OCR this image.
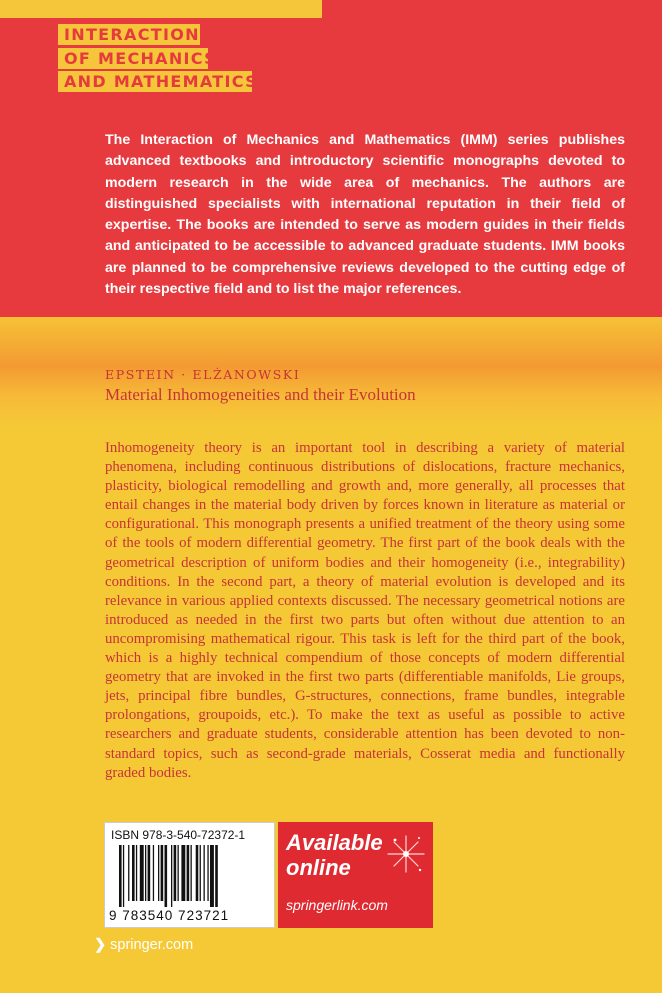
INTERACTION
OF MECHANICS
AND MATHEMATICS

The Interaction of Mechanics and Mathematics (IMM) series publishes advanced textbooks and introductory scientific monographs devoted to modern research in the wide area of mechanics. The authors are distinguished specialists with international reputation in their field of expertise. The books are intended to serve as modern guides in their fields and anticipated to be accessible to advanced graduate students. IMM books are planned to be comprehensive reviews developed to the cutting edge of their respective field and to list the major references.

EPSTEIN · ELŻANOWSKI
Material Inhomogeneities and their Evolution

Inhomogeneity theory is an important tool in describing a variety of material phenomena, including continuous distributions of dislocations, fracture mechanics, plasticity, biological remodelling and growth and, more generally, all processes that entail changes in the material body driven by forces known in literature as material or configurational. This monograph presents a unified treatment of the theory using some of the tools of modern differential geometry. The first part of the book deals with the geometrical description of uniform bodies and their homogeneity (i.e., integrability) conditions. In the second part, a theory of material evolution is developed and its relevance in various applied contexts discussed. The necessary geometrical notions are introduced as needed in the first two parts but often without due attention to an uncompromising mathematical rigour. This task is left for the third part of the book, which is a highly technical compendium of those concepts of modern differential geometry that are invoked in the first two parts (differentiable manifolds, Lie groups, jets, principal fibre bundles, G-structures, connections, frame bundles, integrable prolongations, groupoids, etc.). To make the text as useful as possible to active researchers and graduate students, considerable attention has been devoted to non-standard topics, such as second-grade materials, Cosserat media and functionally graded bodies.

ISBN 978-3-540-72372-1
9 783540 723721

Available
online

springerlink.com
❯ springer.com
